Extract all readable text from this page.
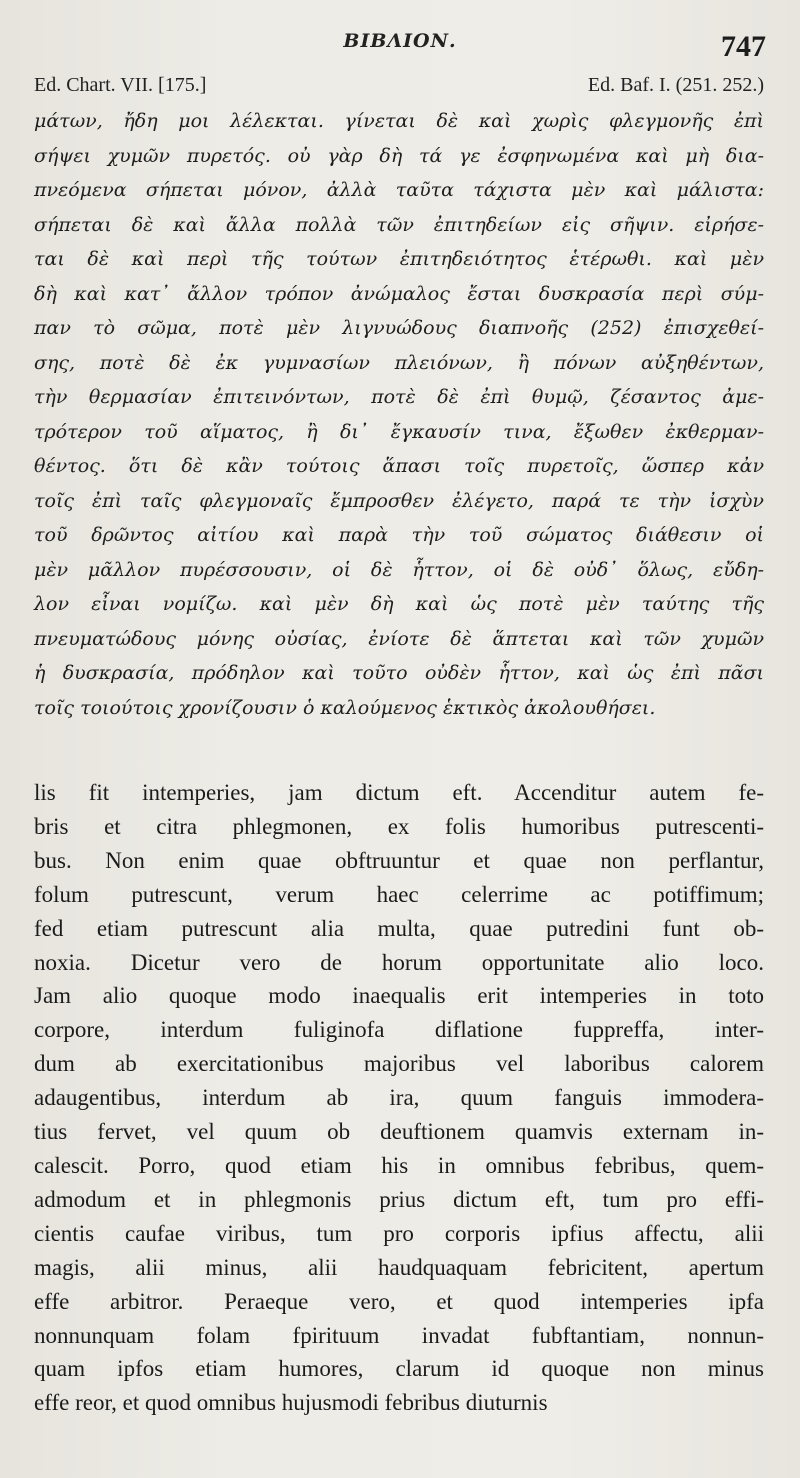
BIBΛΙΟΝ.	747
Ed. Chart. VII. [175.]	Ed. Baf. I. (251. 252.)
μάτων, ἤδη μοι λέλεκται. γίνεται δὲ καὶ χωρὶς φλεγμονῆς ἐπὶ
σήψει χυμῶν πυρετός. οὐ γὰρ δὴ τά γε ἐσφηνωμένα καὶ μὴ δια-
πνεόμενα σήπεται μόνον, ἀλλὰ ταῦτα τάχιστα μὲν καὶ μάλιστα:
σήπεται δὲ καὶ ἄλλα πολλὰ τῶν ἐπιτηδείων εἰς σῆψιν. εἰρήσε-
ται δὲ καὶ περὶ τῆς τούτων ἐπιτηδειότητος ἑτέρωθι. καὶ μὲν
δὴ καὶ κατ᾽ ἄλλον τρόπον ἀνώμαλος ἔσται δυσκρασία περὶ σύμ-
παν τὸ σῶμα, ποτὲ μὲν λιγνυώδους διαπνοῆς (252) ἐπισχεθεί-
σης, ποτὲ δὲ ἐκ γυμνασίων πλειόνων, ἢ πόνων αὐξηθέντων,
τὴν θερμασίαν ἐπιτεινόντων, ποτὲ δὲ ἐπὶ θυμῷ, ζέσαντος ἀμε-
τρότερον τοῦ αἵματος, ἢ δι᾽ ἔγκαυσίν τινα, ἔξωθεν ἐκθερμαν-
θέντος. ὅτι δὲ κἂν τούτοις ἅπασι τοῖς πυρετοῖς, ὥσπερ κἀν
τοῖς ἐπὶ ταῖς φλεγμοναῖς ἔμπροσθεν ἐλέγετο, παρά τε τὴν ἰσχὺν
τοῦ δρῶντος αἰτίου καὶ παρὰ τὴν τοῦ σώματος διάθεσιν οἱ
μὲν μᾶλλον πυρέσσουσιν, οἱ δὲ ἧττον, οἱ δὲ οὐδ᾽ ὅλως, εὔδη-
λον εἶναι νομίζω. καὶ μὲν δὴ καὶ ὡς ποτὲ μὲν ταύτης τῆς
πνευματώδους μόνης οὐσίας, ἐνίοτε δὲ ἅπτεται καὶ τῶν χυμῶν
ἡ δυσκρασία, πρόδηλον καὶ τοῦτο οὐδὲν ἧττον, καὶ ὡς ἐπὶ πᾶσι
τοῖς τοιούτοις χρονίζουσιν ὁ καλούμενος ἑκτικὸς ἀκολουθήσει.
lis fit intemperies, jam dictum eft. Accenditur autem fe-
bris et citra phlegmonen, ex folis humoribus putrescenti-
bus. Non enim quae obftruuntur et quae non perflantur,
folum putrescunt, verum haec celerrime ac potiffimum;
fed etiam putrescunt alia multa, quae putredini funt ob-
noxia. Dicetur vero de horum opportunitate alio loco.
Jam alio quoque modo inaequalis erit intemperies in toto
corpore, interdum fuliginofa diflatione fuppreffa, inter-
dum ab exercitationibus majoribus vel laboribus calorem
adaugentibus, interdum ab ira, quum fanguis immodera-
tius fervet, vel quum ob deuftionem quamvis externam in-
calescit. Porro, quod etiam his in omnibus febribus, quem-
admodum et in phlegmonis prius dictum eft, tum pro effi-
cientis caufae viribus, tum pro corporis ipfius affectu, alii
magis, alii minus, alii haudquaquam febricitent, apertum
effe arbitror. Peraeque vero, et quod intemperies ipfa
nonnunquam folam fpirituum invadat fubftantiam, nonnun-
quam ipfos etiam humores, clarum id quoque non minus
effe reor, et quod omnibus hujusmodi febribus diuturnis
